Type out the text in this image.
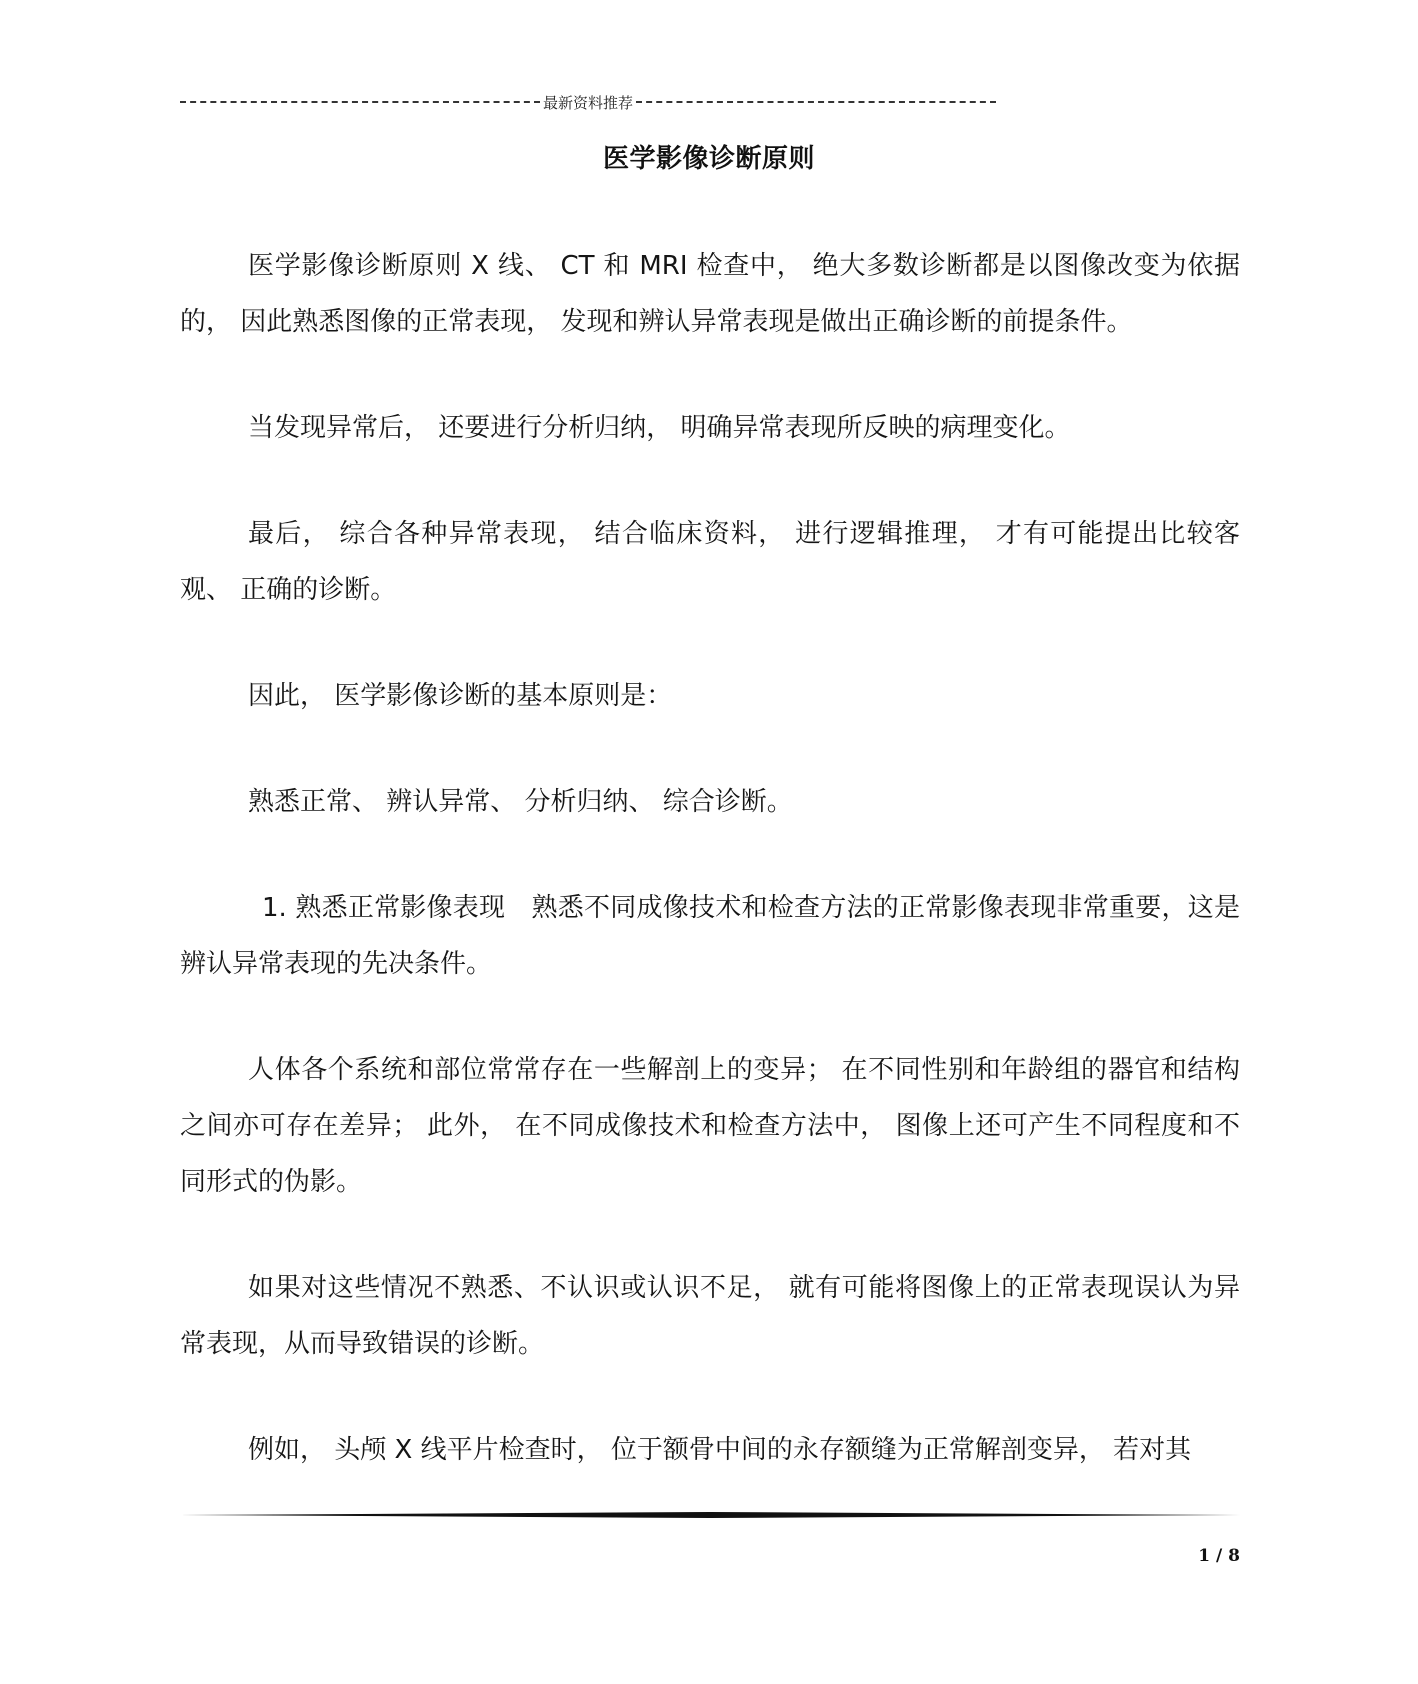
最新资料推荐
医学影像诊断原则

医学影像诊断原则 X 线、 CT 和 MRI 检查中， 绝大多数诊断都是以图像改变为依据的， 因此熟悉图像的正常表现， 发现和辨认异常表现是做出正确诊断的前提条件。

当发现异常后， 还要进行分析归纳， 明确异常表现所反映的病理变化。

最后， 综合各种异常表现， 结合临床资料， 进行逻辑推理， 才有可能提出比较客观、 正确的诊断。

因此， 医学影像诊断的基本原则是：

熟悉正常、 辨认异常、 分析归纳、 综合诊断。

1. 熟悉正常影像表现　熟悉不同成像技术和检查方法的正常影像表现非常重要，这是辨认异常表现的先决条件。

人体各个系统和部位常常存在一些解剖上的变异； 在不同性别和年龄组的器官和结构之间亦可存在差异； 此外， 在不同成像技术和检查方法中， 图像上还可产生不同程度和不同形式的伪影。

如果对这些情况不熟悉、不认识或认识不足， 就有可能将图像上的正常表现误认为异常表现，从而导致错误的诊断。

例如， 头颅 X 线平片检查时， 位于额骨中间的永存额缝为正常解剖变异， 若对其

1 / 8
